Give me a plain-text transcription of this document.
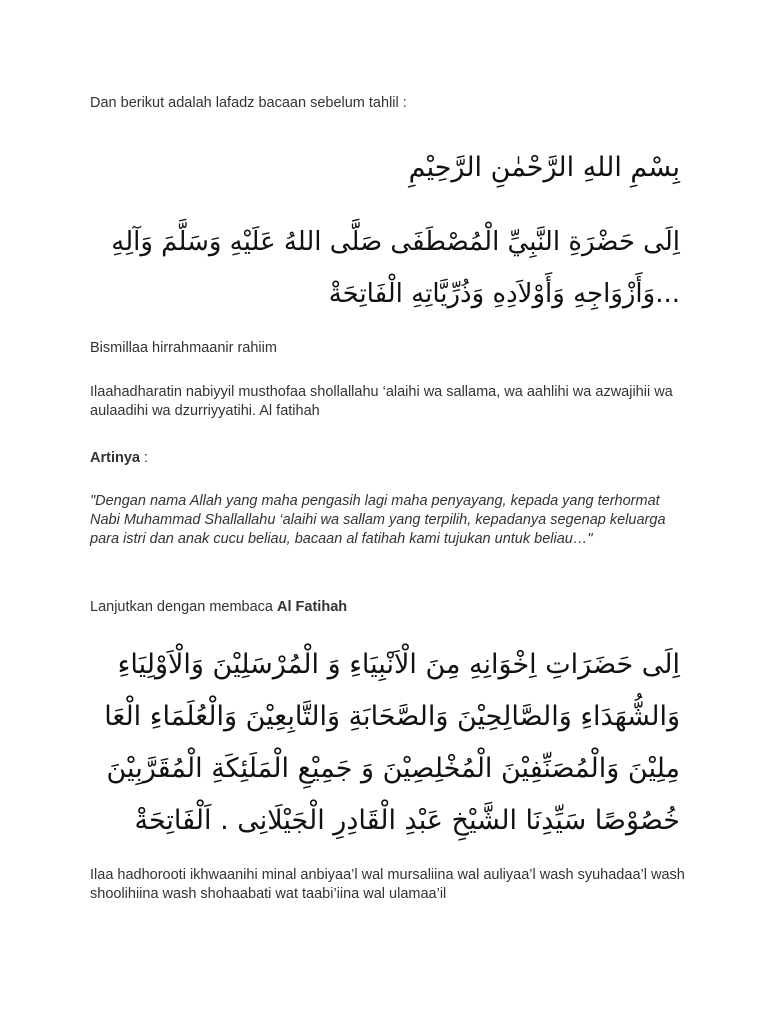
Dan berikut adalah lafadz bacaan sebelum tahlil :

بِسْمِ اللهِ الرَّحْمٰنِ الرَّحِيْمِ

اِلَى حَضْرَةِ النَّبِيِّ الْمُصْطَفَى صَلَّى اللهُ عَلَيْهِ وَسَلَّمَ وَآلِهِ

...وَأَزْوَاجِهِ وَأَوْلاَدِهِ وَذُرِّيَّاتِهِ الْفَاتِحَةْ

Bismillaa hirrahmaanir rahiim

Ilaahadharatin nabiyyil musthofaa shollallahu ‘alaihi wa sallama, wa aahlihi wa azwajihii wa aulaadihi wa dzurriyyatihi. Al fatihah

Artinya :

"Dengan nama Allah yang maha pengasih lagi maha penyayang, kepada yang terhormat Nabi Muhammad Shallallahu ‘alaihi wa sallam yang terpilih, kepadanya segenap keluarga para istri dan anak cucu beliau, bacaan al fatihah kami tujukan untuk beliau…"

Lanjutkan dengan membaca Al Fatihah

اِلَى حَضَرَاتِ اِخْوَانِهِ مِنَ الْاَنْبِيَاءِ وَ الْمُرْسَلِيْنَ وَالْاَوْلِيَاءِ

وَالشُّهَدَاءِ وَالصَّالِحِيْنَ وَالصَّحَابَةِ وَالتَّابِعِيْنَ وَالْعُلَمَاءِ الْعَا

مِلِيْنَ وَالْمُصَنِّفِيْنَ الْمُخْلِصِيْنَ وَ جَمِيْعِ الْمَلَئِكَةِ الْمُقَرَّبِيْنَ

خُصُوْصًا سَيِّدِنَا الشَّيْخِ عَبْدِ الْقَادِرِ الْجَيْلَانِى . اَلْفَاتِحَةْ

Ilaa hadhorooti ikhwaanihi minal anbiyaa’l wal mursaliina wal auliyaa’l wash syuhadaa’l wash shoolihiina wash shohaabati wat taabi’iina wal ulamaa’il
